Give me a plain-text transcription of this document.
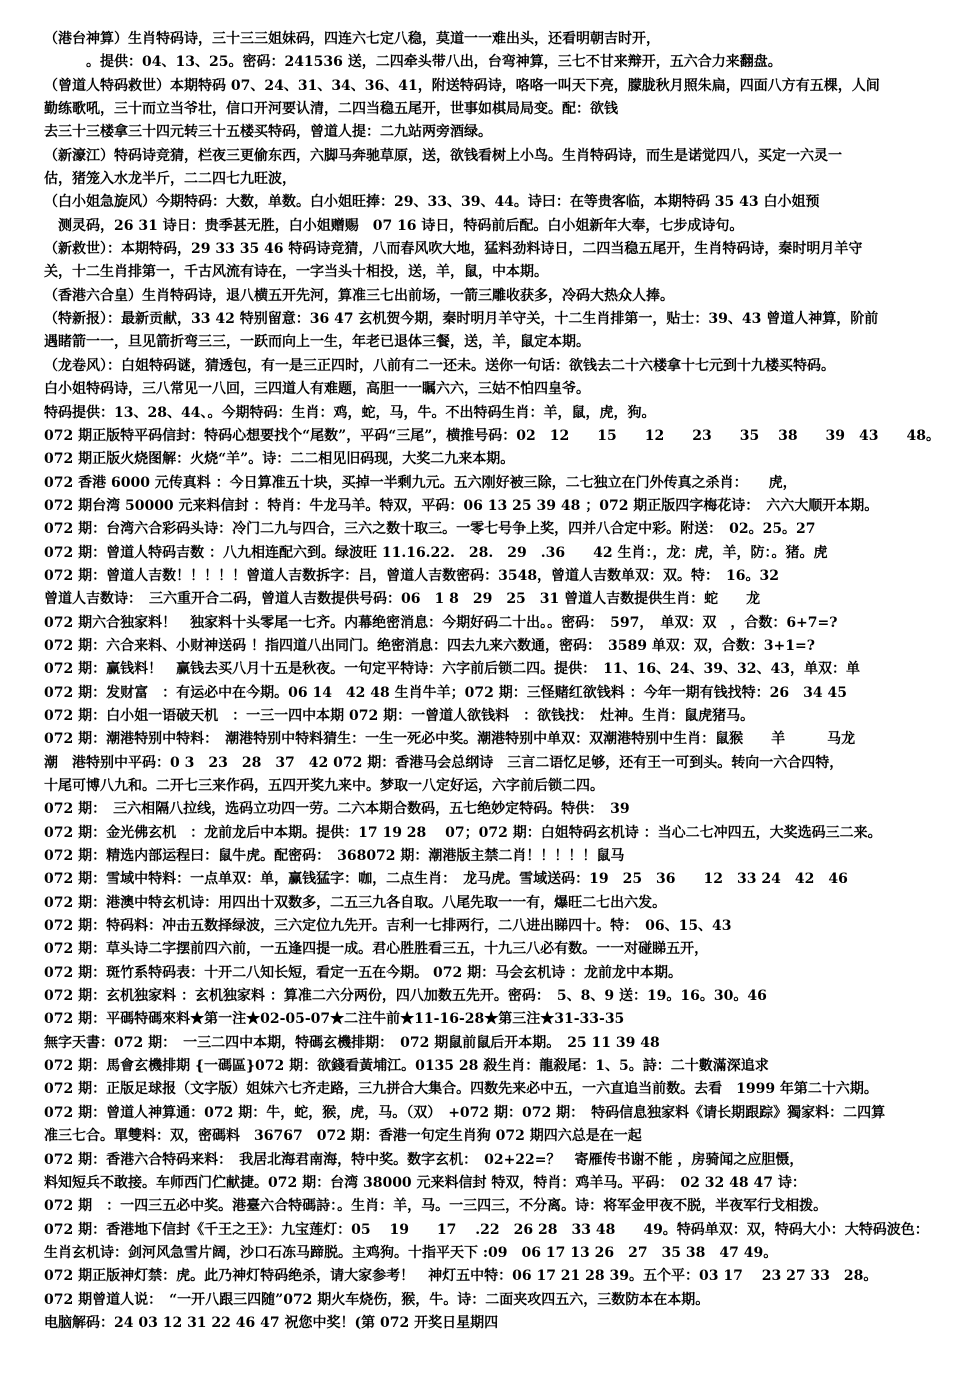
（港台神算）生肖特码诗，三十三三姐妹码，四连六七定八稳，莫道一一难出头，还看明朝吉时开，
　　　。提供：04、13、25。密码：241536 送，二四牵头带八出，台弯神算，三七不甘来辩开，五六合力来翻盘。
（曾道人特码救世）本期特码 07、24、31、34、36、41，附送特码诗，咯咯一叫天下亮，朦胧秋月照朱扁，四面八方有五棵，人间
勤练歌吼，三十而立当爷壮，信口开河要认清，二四当稳五尾开，世事如棋局局变。配：欲钱
去三十三楼拿三十四元转三十五楼买特码，曾道人提：二九站两旁酒绿。
（新濠江）特码诗竞猜，栏夜三更偷东西，六脚马奔驰草原，送，欲钱看树上小鸟。生肖特码诗，而生是诺觉四八，买定一六灵一
估，猪笼入水龙半斤，二二四七九旺波，
（白小姐急旋风）今期特码：大数，单数。白小姐旺捧：29、33、39、44。诗曰：在等贵客临，本期特码 35 43 白小姐预
　测灵码，26 31 诗日：贵季甚无胜，白小姐赠赐　07 16 诗日，特码前后配。白小姐新年大奉，七步成诗句。
（新救世）：本期特码，29 33 35 46 特码诗竞猜，八而春风吹大地，猛料劲料诗日，二四当稳五尾开，生肖特码诗，秦时明月羊守
关，十二生肖排第一，千古风流有诗在，一字当头十相投，送，羊，鼠，中本期。
（香港六合皇）生肖特码诗，退八横五开先河，算准三七出前场，一箭三雕收获多，冷码大热众人捧。
（特新报）：最新贡献，33 42 特别留意：36 47 玄机贺今期，秦时明月羊守关，十二生肖排第一，贴士：39、43 曾道人神算，阶前
遇睹箭一一，旦见箭折弯三三，一跃而向上一生，年老已退体三餐，送，羊，鼠定本期。
（龙卷风）：白姐特码谜，猜透包，有一是三正四时，八前有二一还未。送你一句话：欲钱去二十六楼拿十七元到十九楼买特码。
白小姐特码诗，三八常见一八回，三四道人有难题，高胆一一瞩六六，三姑不怕四皇爷。
特码提供：13、28、44、。今期特码：生肖：鸡，蛇，马，牛。不出特码生肖：羊，鼠，虎，狗。
072 期正版特平码信封：特码心想要找个“尾数”，平码“三尾”，横推号码：02　12　　15　　12　　23　　35　 38　　39　43　　48。
072 期正版火烧图解：火烧“羊”。诗：二二相见旧码现，大奖二九来本期。
072 香港 6000 元传真料 ：今日算准五十块，买掉一半剩九元。五六刚好被三除，二七独立在门外传真之杀肖：　　虎，
072 期台湾 50000 元来料信封 ：特肖：牛龙马羊。特双，平码：06 13 25 39 48 ；072 期正版四字梅花诗：　六六大顺开本期。
072 期：台湾六合彩码头诗：冷门二九与四合，三六之数十取三。一零七号争上奖，四并八合定中彩。附送：　02。25。27
072 期：曾道人特码吉数 ：八九相连配六到。绿波旺 11.16.22.　28.　29　.36　　42 生肖：，龙：虎，羊，防：。猪。虎
072 期：曾道人吉数！！！！！曾道人吉数拆字：吕，曾道人吉数密码：3548，曾道人吉数单双：双。特：　16。32
曾道人吉数诗：　三六重开合二码，曾道人吉数提供号码：06　1 8　29　25　31 曾道人吉数提供生肖：蛇　　龙
072 期六合独家料！　独家料十头零尾一七齐。内幕绝密消息：今期好码二十出。。密码：　597，　单双：双　，合数：6+7=?
072 期：六合来料、小财神送码 ！指四道八出同门。绝密消息：四去九来六数通，密码：　3589 单双：双，合数：3+1=?
072 期：赢钱料！　赢钱去买八月十五是秋夜。一句定平特诗：六字前后锁二四。提供：　11、16、24、39、32、43，单双：单
072 期：发财富　：有运必中在今期。06 14　42 48 生肖牛羊；072 期：三怪赌红欲钱料 ：今年一期有钱找特：26　34 45
072 期：白小姐一语破天机　：一三一四中本期 072 期：一曾道人欲钱料　：欲钱找：　灶神。生肖：鼠虎猪马。
072 期：潮港特别中特料：　潮港特别中特料猜生：一生一死必中奖。潮港特别中单双：双潮港特别中生肖：鼠猴　　羊　　　马龙
潮　港特别中平码：0 3　23　28　37　42 072 期：香港马会总纲诗　三言二语忆足够，还有王一可到头。转向一六合四特，
十尾可博八九和。二开七三来作码，五四开奖九来中。梦取一八定好运，六字前后锁二四。
072 期：　三六相隔八拉线，选码立功四一劳。二六本期合数码，五七绝妙定特码。特供：　39
072 期：金光佛玄机　：龙前龙后中本期。提供：17 19 28　 07；072 期：白姐特码玄机诗 ：当心二七冲四五，大奖选码三二来。
072 期：精选内部运程曰：鼠牛虎。配密码：　368072 期：潮港版主禁二肖！！！！！鼠马
072 期：雪域中特料：一点单双：单，赢钱猛字：咖，二点生肖：　龙马虎。雪域送码：19　25　36　　12　33 24　42　46
072 期：港澳中特玄机诗：用四出十双数多，二五三九各自取。八尾先取一一有，爆旺二七出六发。
072 期：特码料：冲击五数择绿波，三六定位九先开。吉利一七排两行，二八进出睇四十。特：　06、15、43
072 期：草头诗二字摆前四六前，一五逢四提一成。君心胜胜看三五，十九三八必有数。一一对碰睇五开，
072 期：斑竹系特码表：十开二八知长短，看定一五在今期。 072 期：马会玄机诗 ：龙前龙中本期。
072 期：玄机独家料 ：玄机独家料 ：算准二六分两份，四八加数五先开。密码：　5、8、9 送：19。16。30。46
072 期：平碼特碼來料★第一注★02-05-07★二注牛前★11-16-28★第三注★31-33-35
無字天書：072 期：　一三二四中本期，特碼玄機排期：　072 期鼠前鼠后开本期。　25 11 39 48
072 期：馬會玄機排期 {一碼區}072 期：欲錢看黃埔江。0135 28 殺生肖：龍殺尾：1、5。詩：二十數滿深追求
072 期：正版足球报（文字版）姐妹六七齐走路，三九拼合大集合。四数先来必中五，一六直追当前数。去看　1999 年第二十六期。
072 期：曾道人神算通：072 期：牛，蛇，猴，虎，马。（双）　+072 期：072 期：　特码信息独家料《请长期跟踪》獨家料：二四算
准三七合。單雙料：双，密碼料　36767　072 期：香港一句定生肖狗 072 期四六总是在一起
072 期：香港六合特码来料：　我居北海君南海，特中奖。数字玄机：　02+22=？　寄雁传书谢不能 ，房骑闻之应胆慑，
料知短兵不敢接。车师西门伫献捷。072 期：台湾 38000 元来料信封 特双，特肖：鸡羊马。平码：　02 32 48 47 诗：
072 期　：一四三五必中奖。港臺六合特碼詩：。生肖：羊，马。一三四三，不分离。诗：将军金甲夜不脱，半夜军行戈相拨。
072 期：香港地下信封《千王之王》：九宝莲灯：05　 19　　17　 .22　26 28　33 48　　49。特码单双：双，特码大小：大特码波色：
生肖玄机诗：剑河风急雪片阔，沙口石冻马蹄脱。主鸡狗。十指平天下 :09　06 17 13 26　27　35 38　47 49。
072 期正版神灯禁：虎。此乃神灯特码绝杀，请大家参考！　神灯五中特：06 17 21 28 39。五个平：03 17　 23 27 33　28。
072 期曾道人说：　“一开八跟三四随”072 期火车烧伤，猴，牛。诗：二面夹攻四五六，三数防本在本期。
电脑解码：24 03 12 31 22 46 47 祝您中奖！(第 072 开奖日星期四
